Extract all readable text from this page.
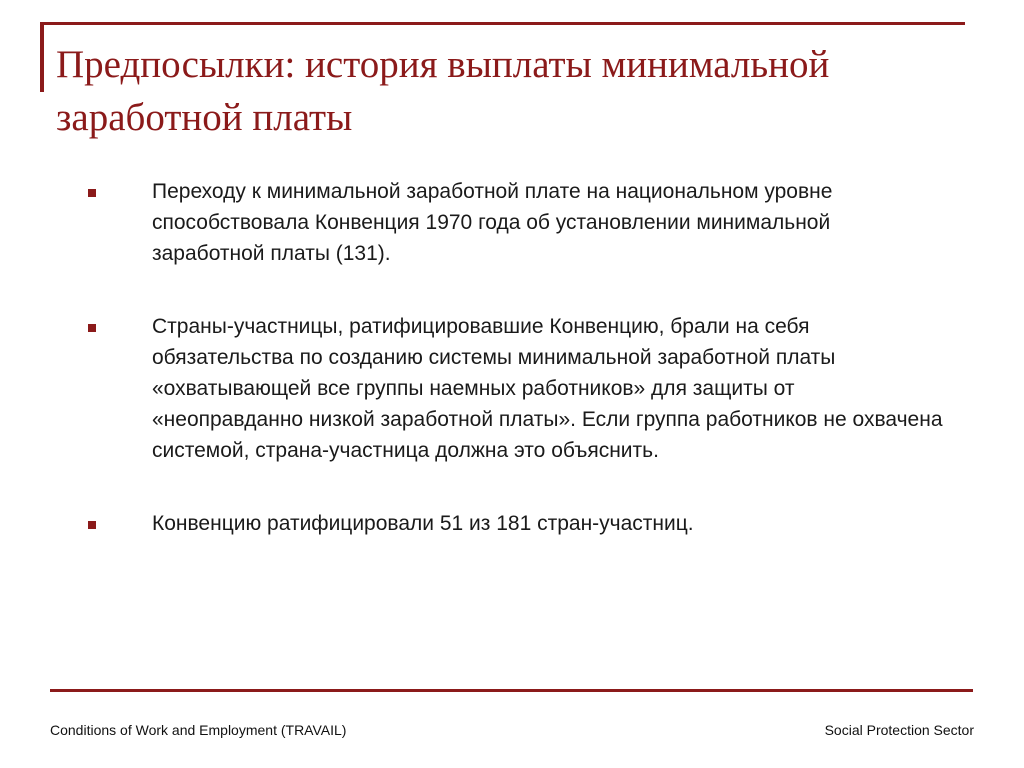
Предпосылки: история выплаты минимальной заработной платы
Переходу к минимальной заработной плате на национальном уровне способствовала Конвенция 1970 года об установлении минимальной заработной платы (131).
Страны-участницы, ратифицировавшие Конвенцию, брали на себя обязательства по созданию системы минимальной заработной платы «охватывающей все группы наемных работников» для защиты от «неоправданно низкой заработной платы». Если группа работников не охвачена системой, страна-участница должна это объяснить.
Конвенцию ратифицировали 51 из 181 стран-участниц.
Conditions of Work and Employment (TRAVAIL)	Social Protection Sector
